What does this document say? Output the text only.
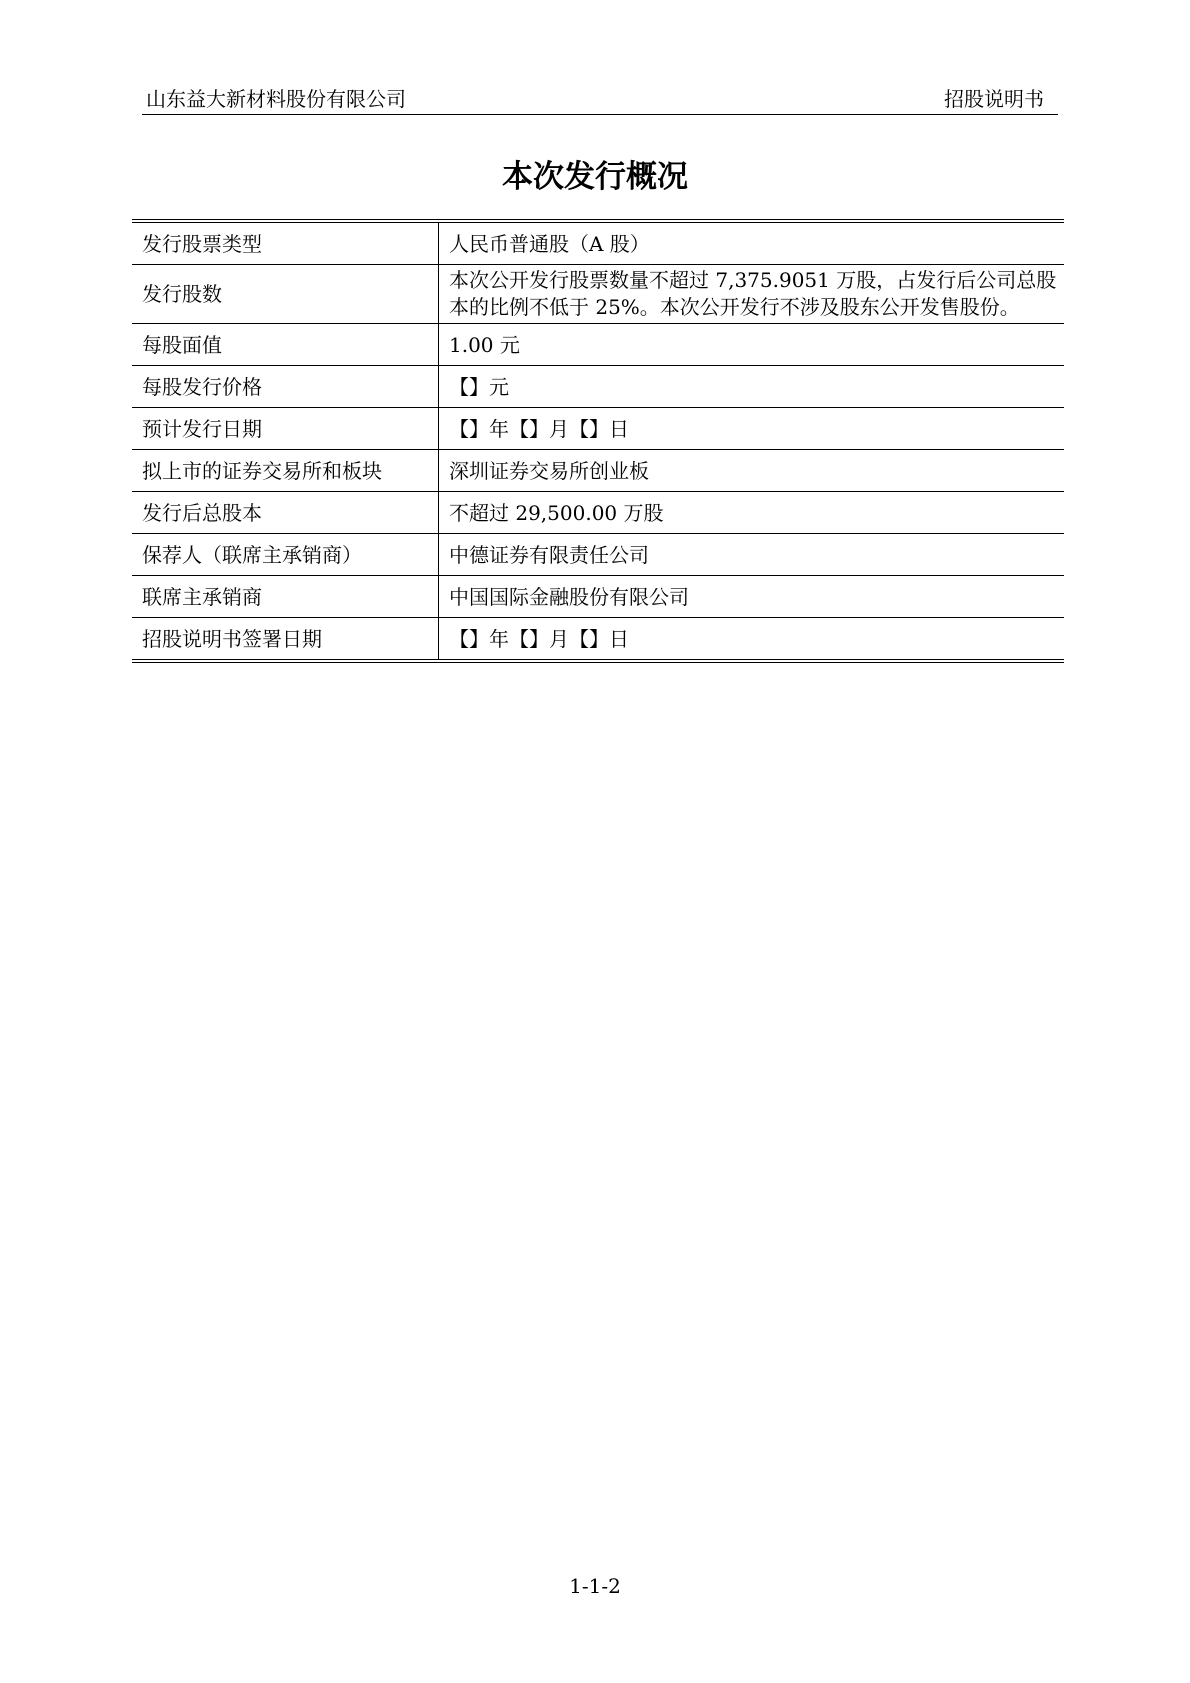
山东益大新材料股份有限公司	招股说明书
本次发行概况
发行股票类型	人民币普通股（A 股）
发行股数	本次公开发行股票数量不超过 7,375.9051 万股，占发行后公司总股本的比例不低于 25%。本次公开发行不涉及股东公开发售股份。
每股面值	1.00 元
每股发行价格	【】元
预计发行日期	【】年【】月【】日
拟上市的证券交易所和板块	深圳证券交易所创业板
发行后总股本	不超过 29,500.00 万股
保荐人（联席主承销商）	中德证券有限责任公司
联席主承销商	中国国际金融股份有限公司
招股说明书签署日期	【】年【】月【】日
1-1-2
